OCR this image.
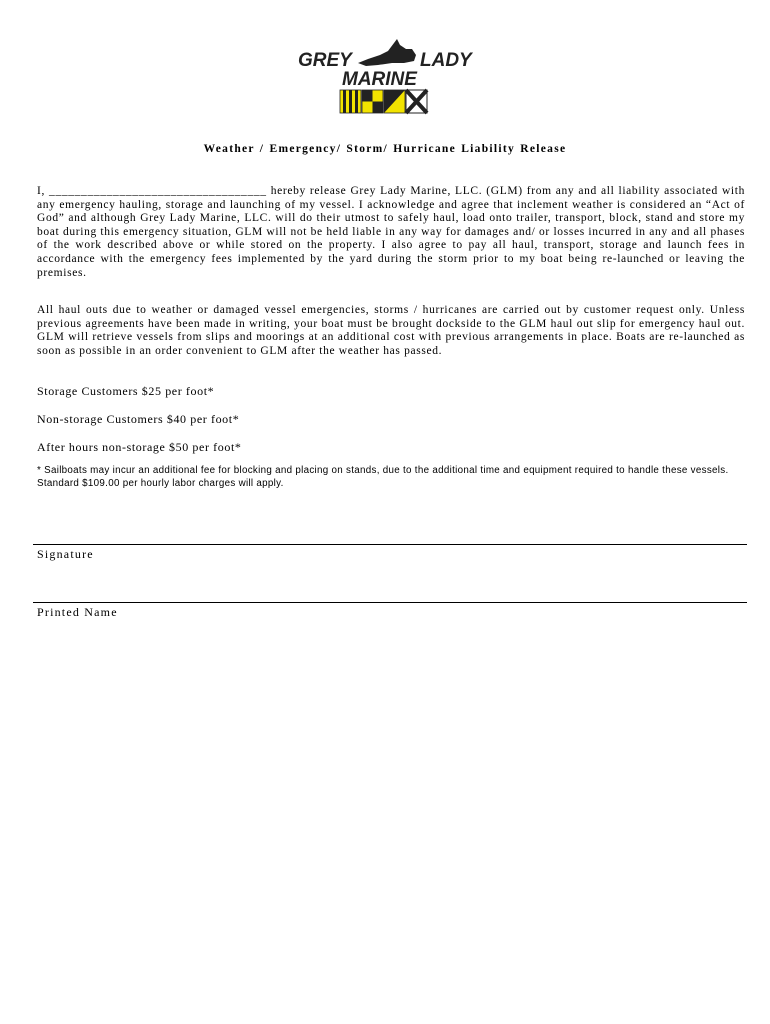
GREY	LADY
MARINE
Weather / Emergency/ Storm/ Hurricane Liability Release

I, __________________________________ hereby release Grey Lady Marine, LLC. (GLM) from any and all liability associated with any emergency hauling, storage and launching of my vessel. I acknowledge and agree that inclement weather is considered an “Act of God” and although Grey Lady Marine, LLC. will do their utmost to safely haul, load onto trailer, transport, block, stand and store my boat during this emergency situation, GLM will not be held liable in any way for damages and/ or losses incurred in any and all phases of the work described above or while stored on the property. I also agree to pay all haul, transport, storage and launch fees in accordance with the emergency fees implemented by the yard during the storm prior to my boat being re-launched or leaving the premises.

All haul outs due to weather or damaged vessel emergencies, storms / hurricanes are carried out by customer request only. Unless previous agreements have been made in writing, your boat must be brought dockside to the GLM haul out slip for emergency haul out. GLM will retrieve vessels from slips and moorings at an additional cost with previous arrangements in place. Boats are re-launched as soon as possible in an order convenient to GLM after the weather has passed.

Storage Customers $25 per foot*
Non-storage Customers $40 per foot*
After hours non-storage $50 per foot*

* Sailboats may incur an additional fee for blocking and placing on stands, due to the additional time and equipment required to handle these vessels. Standard $109.00 per hourly labor charges will apply.

Signature
Printed Name
